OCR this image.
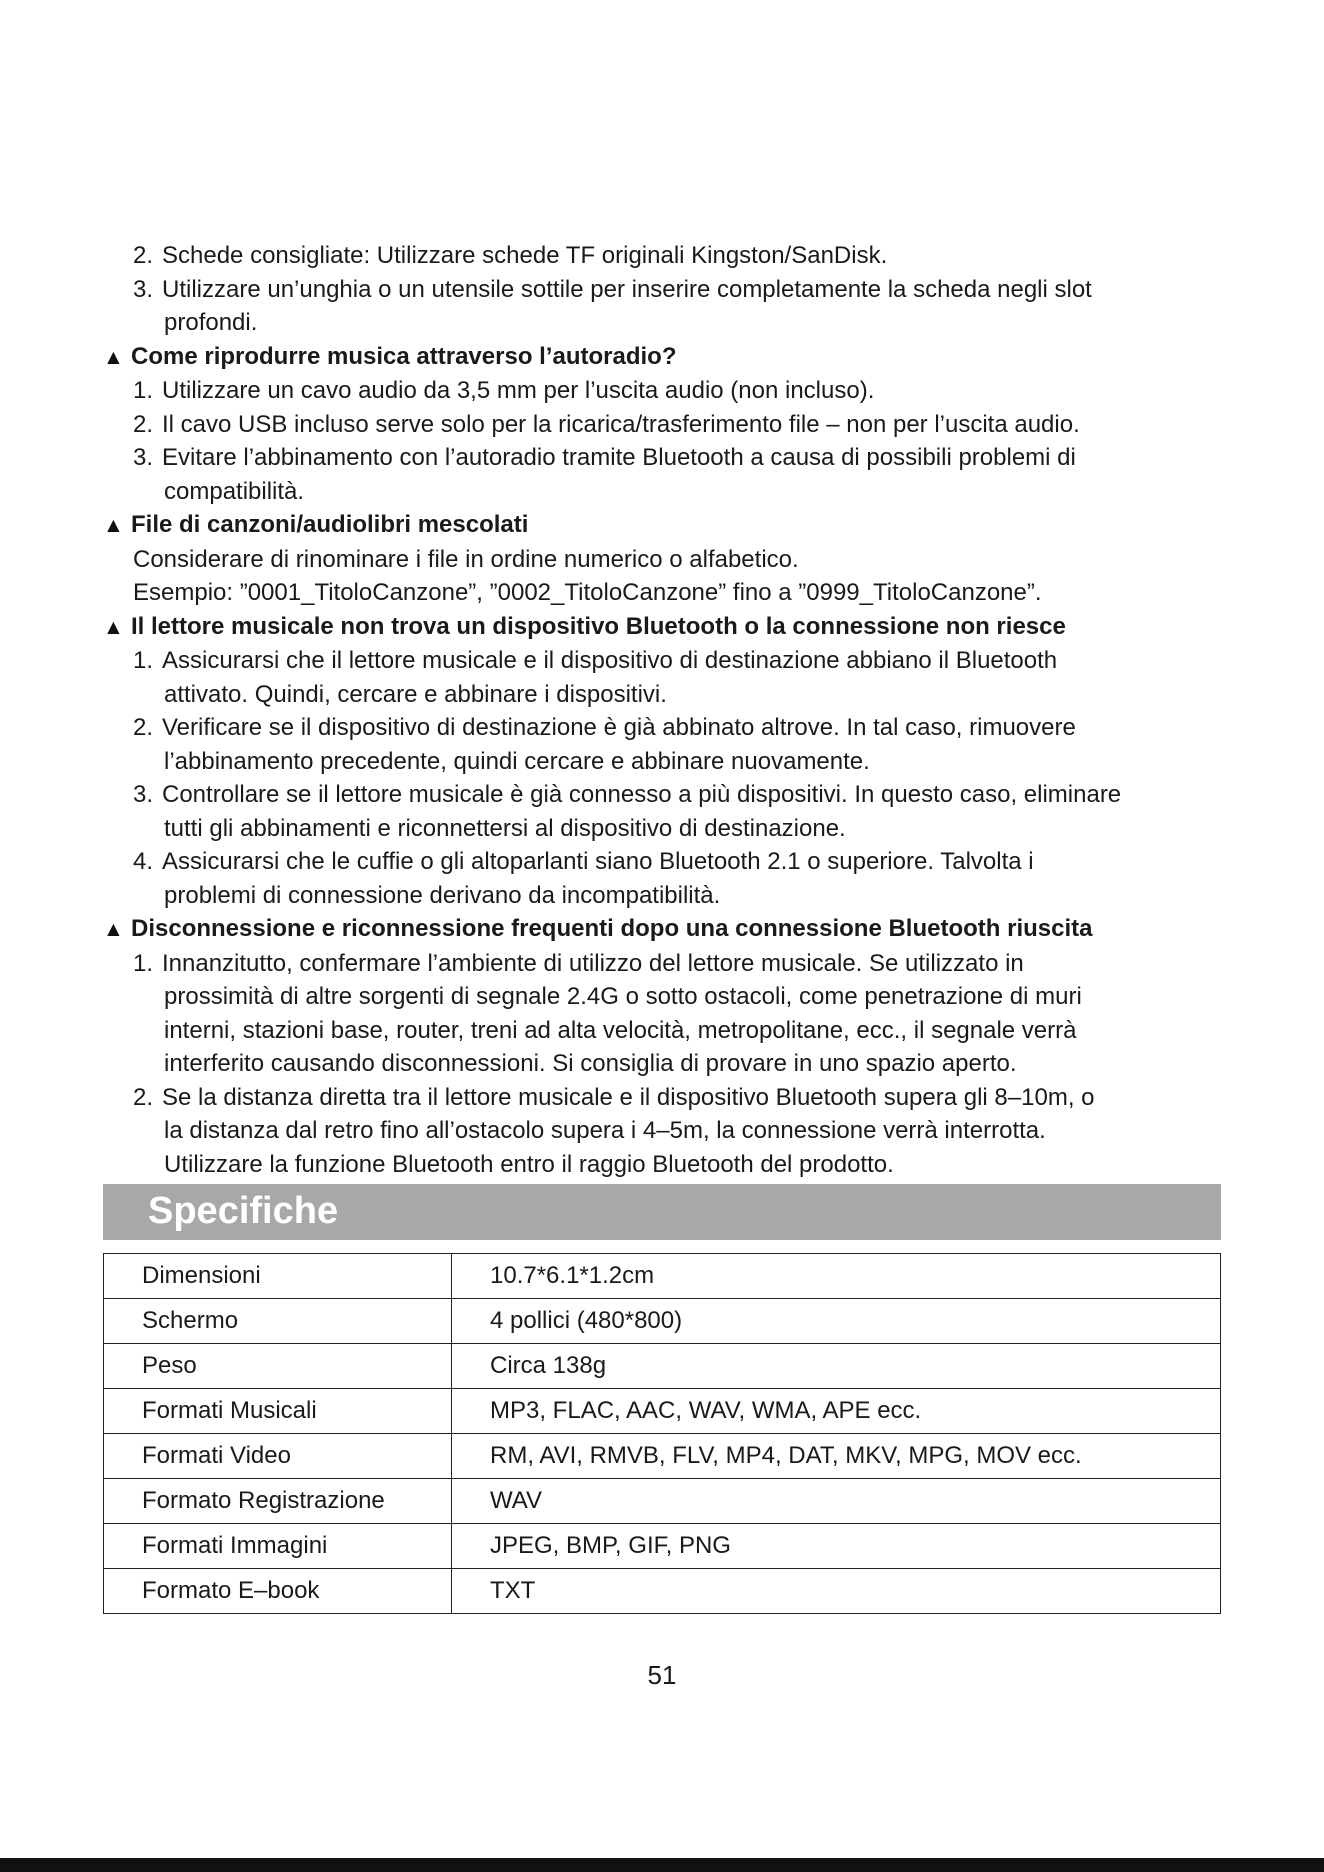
2. Schede consigliate: Utilizzare schede TF originali Kingston/SanDisk.
3. Utilizzare un’unghia o un utensile sottile per inserire completamente la scheda negli slot
profondi.
▲ Come riprodurre musica attraverso l’autoradio?
1. Utilizzare un cavo audio da 3,5 mm per l’uscita audio (non incluso).
2. Il cavo USB incluso serve solo per la ricarica/trasferimento file – non per l’uscita audio.
3. Evitare l’abbinamento con l’autoradio tramite Bluetooth a causa di possibili problemi di
compatibilità.
▲ File di canzoni/audiolibri mescolati
Considerare di rinominare i file in ordine numerico o alfabetico.
Esempio: ”0001_TitoloCanzone”, ”0002_TitoloCanzone” fino a ”0999_TitoloCanzone”.
▲ Il lettore musicale non trova un dispositivo Bluetooth o la connessione non riesce
1. Assicurarsi che il lettore musicale e il dispositivo di destinazione abbiano il Bluetooth
attivato. Quindi, cercare e abbinare i dispositivi.
2. Verificare se il dispositivo di destinazione è già abbinato altrove. In tal caso, rimuovere
l’abbinamento precedente, quindi cercare e abbinare nuovamente.
3. Controllare se il lettore musicale è già connesso a più dispositivi. In questo caso, eliminare
tutti gli abbinamenti e riconnettersi al dispositivo di destinazione.
4. Assicurarsi che le cuffie o gli altoparlanti siano Bluetooth 2.1 o superiore. Talvolta i
problemi di connessione derivano da incompatibilità.
▲ Disconnessione e riconnessione frequenti dopo una connessione Bluetooth riuscita
1. Innanzitutto, confermare l’ambiente di utilizzo del lettore musicale. Se utilizzato in
prossimità di altre sorgenti di segnale 2.4G o sotto ostacoli, come penetrazione di muri
interni, stazioni base, router, treni ad alta velocità, metropolitane, ecc., il segnale verrà
interferito causando disconnessioni. Si consiglia di provare in uno spazio aperto.
2. Se la distanza diretta tra il lettore musicale e il dispositivo Bluetooth supera gli 8–10m, o
la distanza dal retro fino all’ostacolo supera i 4–5m, la connessione verrà interrotta.
Utilizzare la funzione Bluetooth entro il raggio Bluetooth del prodotto.
Specifiche
Dimensioni	10.7*6.1*1.2cm
Schermo	4 pollici (480*800)
Peso	Circa 138g
Formati Musicali	MP3, FLAC, AAC, WAV, WMA, APE ecc.
Formati Video	RM, AVI, RMVB, FLV, MP4, DAT, MKV, MPG, MOV ecc.
Formato Registrazione	WAV
Formati Immagini	JPEG, BMP, GIF, PNG
Formato E–book	TXT
51
